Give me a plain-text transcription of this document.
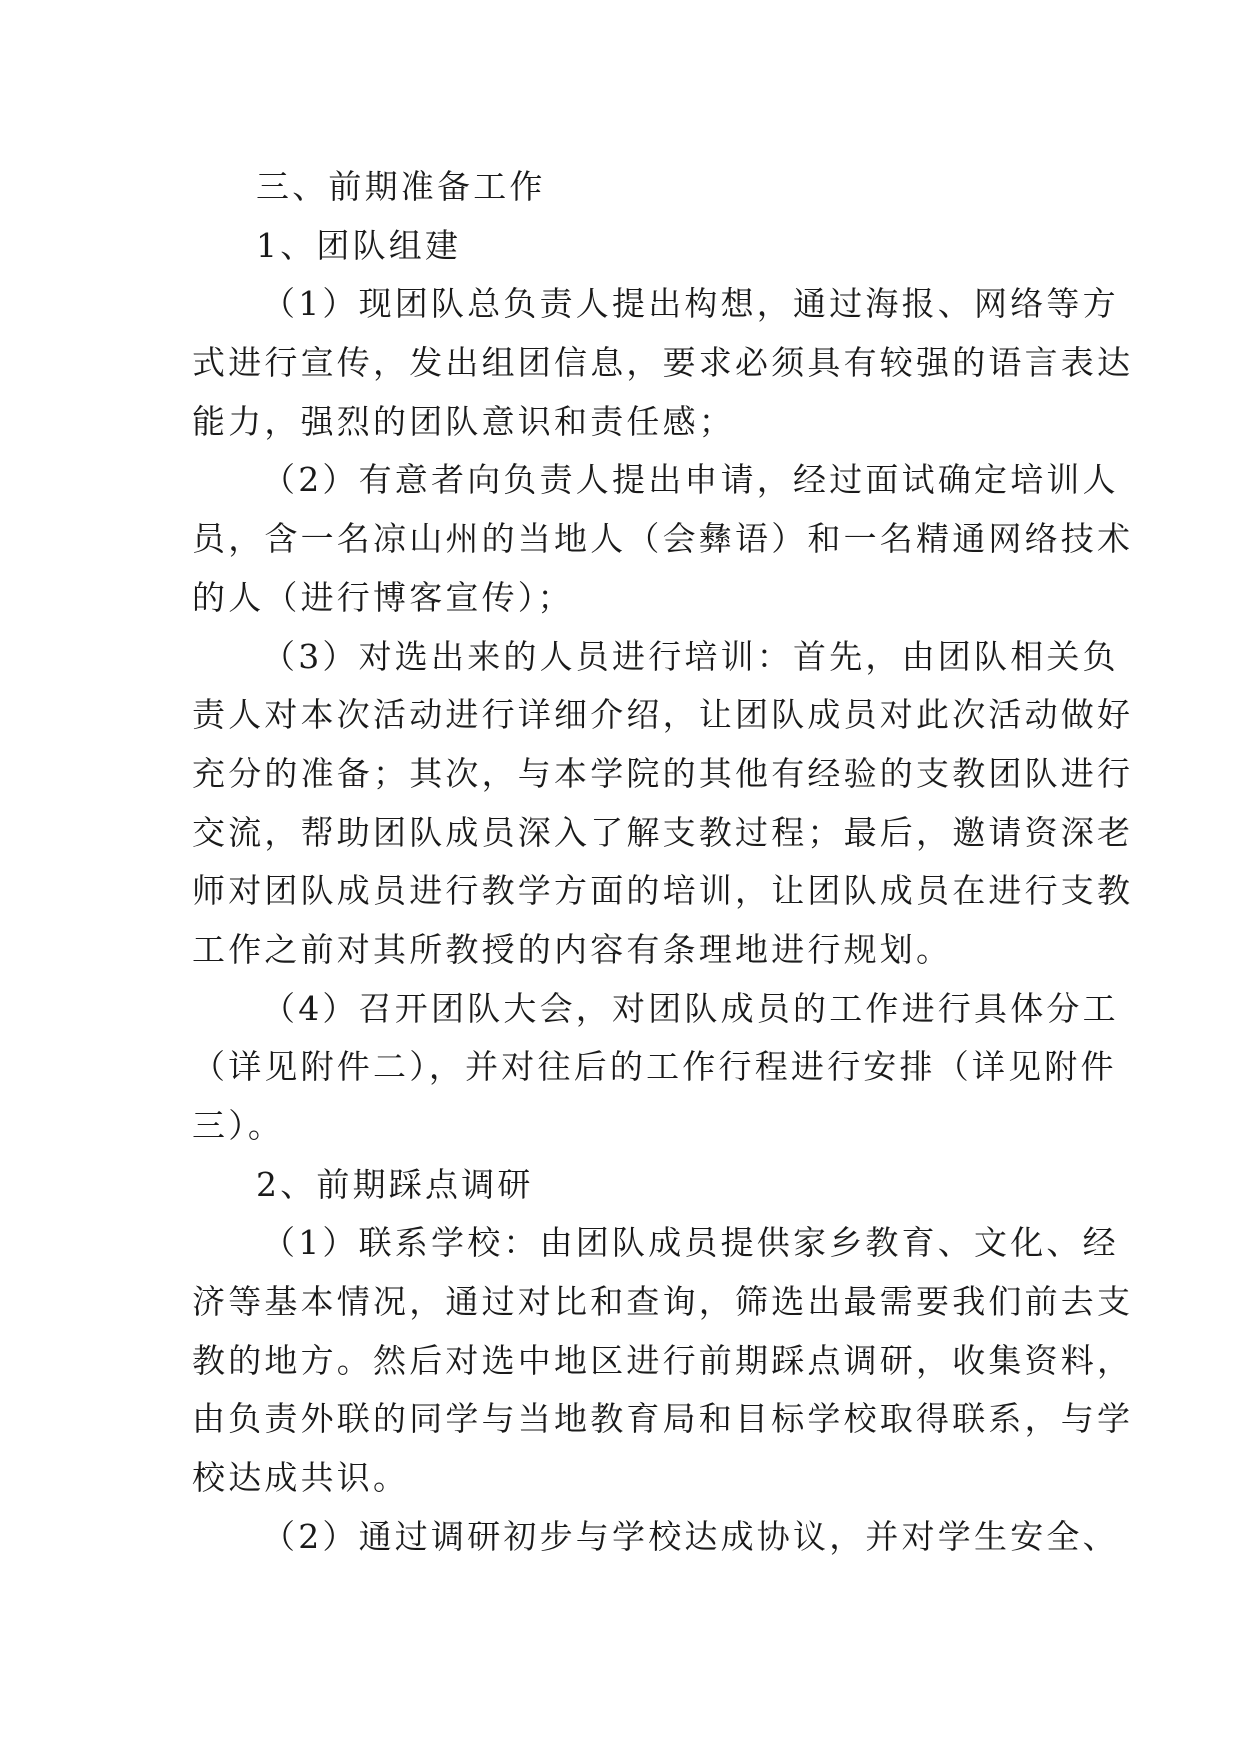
三、前期准备工作
1、团队组建
（1）现团队总负责人提出构想，通过海报、网络等方
式进行宣传，发出组团信息，要求必须具有较强的语言表达
能力，强烈的团队意识和责任感；
（2）有意者向负责人提出申请，经过面试确定培训人
员，含一名凉山州的当地人（会彝语）和一名精通网络技术
的人（进行博客宣传）；
（3）对选出来的人员进行培训：首先，由团队相关负
责人对本次活动进行详细介绍，让团队成员对此次活动做好
充分的准备；其次，与本学院的其他有经验的支教团队进行
交流，帮助团队成员深入了解支教过程；最后，邀请资深老
师对团队成员进行教学方面的培训，让团队成员在进行支教
工作之前对其所教授的内容有条理地进行规划。
（4）召开团队大会，对团队成员的工作进行具体分工
（详见附件二），并对往后的工作行程进行安排（详见附件
三）。
2、前期踩点调研
（1）联系学校：由团队成员提供家乡教育、文化、经
济等基本情况，通过对比和查询，筛选出最需要我们前去支
教的地方。然后对选中地区进行前期踩点调研，收集资料，
由负责外联的同学与当地教育局和目标学校取得联系，与学
校达成共识。
（2）通过调研初步与学校达成协议，并对学生安全、
